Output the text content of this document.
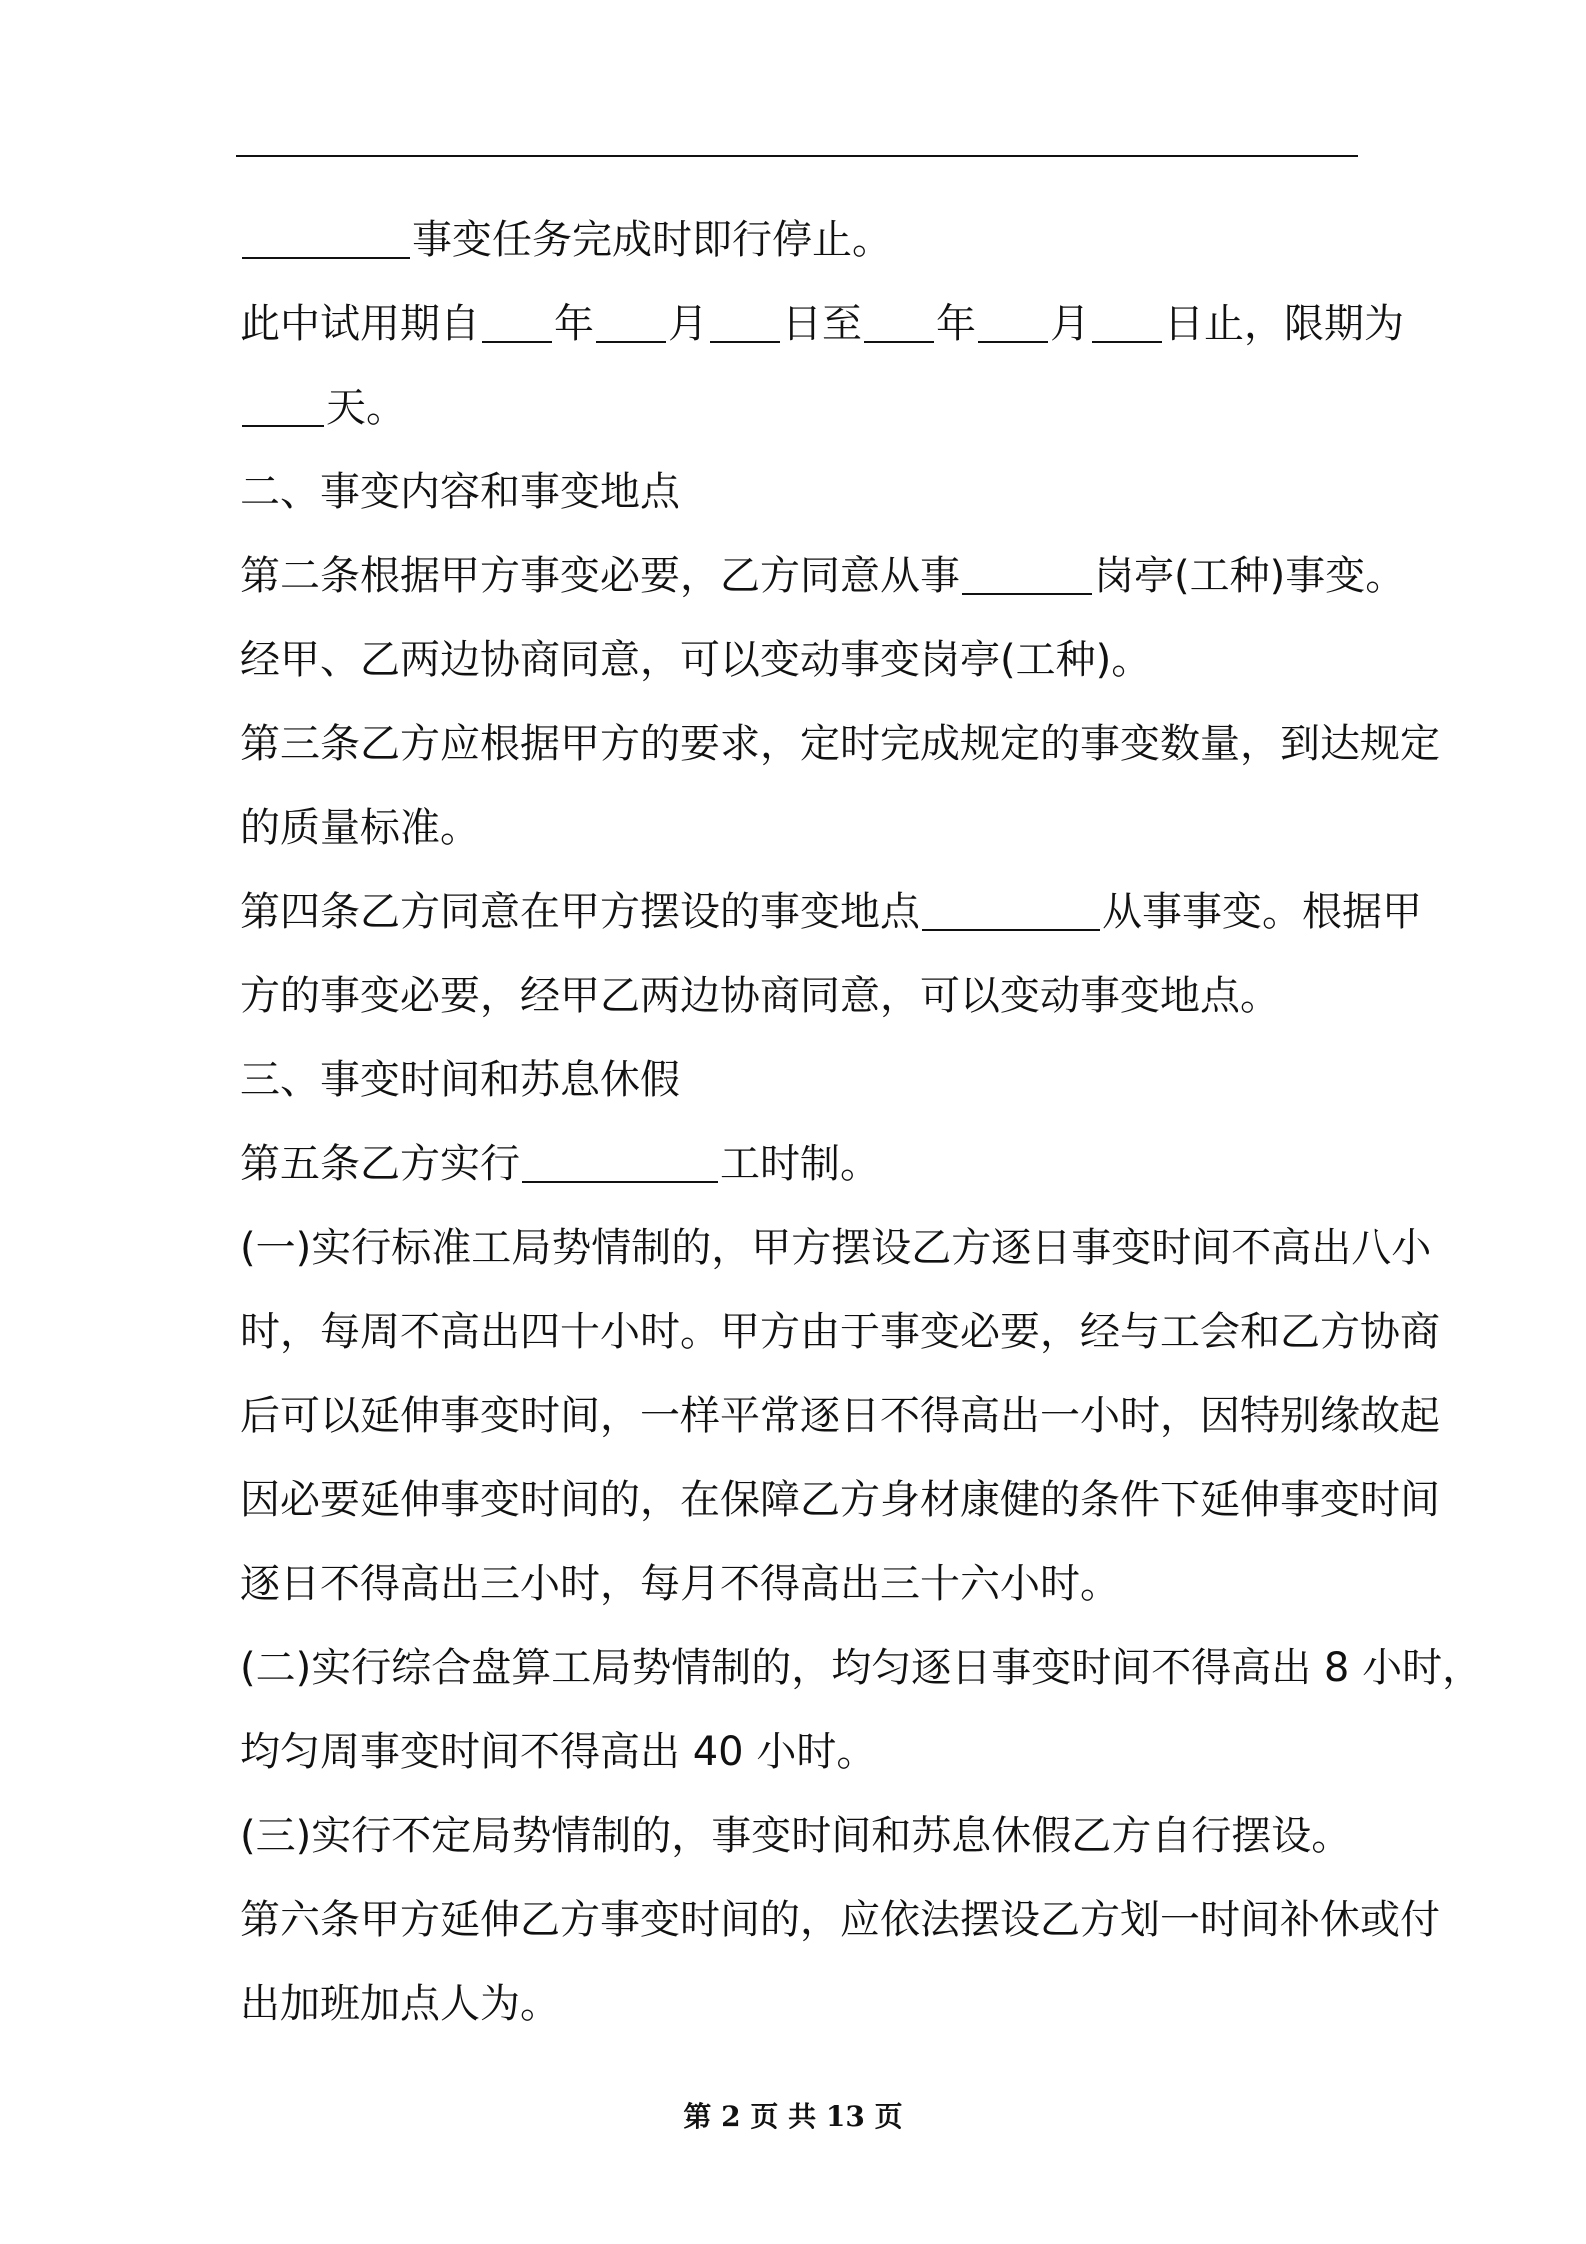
事变任务完成时即行停止。
此中试用期自 年 月 日至 年 月 日止，限期为
天。
二、事变内容和事变地点
第二条根据甲方事变必要，乙方同意从事	岗亭(工种)事变。
经甲、乙两边协商同意，可以变动事变岗亭(工种)。
第三条乙方应根据甲方的要求，定时完成规定的事变数量，到达规定
的质量标准。
第四条乙方同意在甲方摆设的事变地点	从事事变。根据甲
方的事变必要，经甲乙两边协商同意，可以变动事变地点。
三、事变时间和苏息休假
第五条乙方实行	工时制。
(一)实行标准工局势情制的，甲方摆设乙方逐日事变时间不高出八小
时，每周不高出四十小时。甲方由于事变必要，经与工会和乙方协商
后可以延伸事变时间，一样平常逐日不得高出一小时，因特别缘故起
因必要延伸事变时间的，在保障乙方身材康健的条件下延伸事变时间
逐日不得高出三小时，每月不得高出三十六小时。
(二)实行综合盘算工局势情制的，均匀逐日事变时间不得高出 8 小时，
均匀周事变时间不得高出 40 小时。
(三)实行不定局势情制的，事变时间和苏息休假乙方自行摆设。
第六条甲方延伸乙方事变时间的，应依法摆设乙方划一时间补休或付
出加班加点人为。
第 2 页 共 13 页
